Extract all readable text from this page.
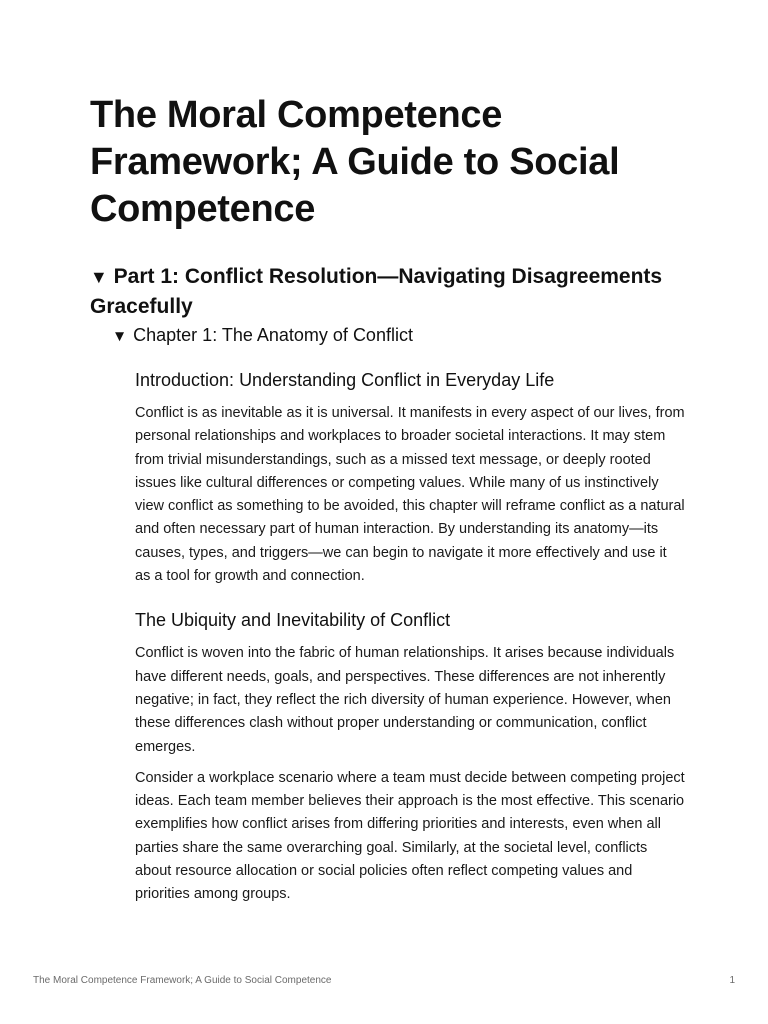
The Moral Competence Framework; A Guide to Social Competence
▼ Part 1: Conflict Resolution—Navigating Disagreements Gracefully
▼ Chapter 1: The Anatomy of Conflict
Introduction: Understanding Conflict in Everyday Life

Conflict is as inevitable as it is universal. It manifests in every aspect of our lives, from personal relationships and workplaces to broader societal interactions. It may stem from trivial misunderstandings, such as a missed text message, or deeply rooted issues like cultural differences or competing values. While many of us instinctively view conflict as something to be avoided, this chapter will reframe conflict as a natural and often necessary part of human interaction. By understanding its anatomy—its causes, types, and triggers—we can begin to navigate it more effectively and use it as a tool for growth and connection.

The Ubiquity and Inevitability of Conflict

Conflict is woven into the fabric of human relationships. It arises because individuals have different needs, goals, and perspectives. These differences are not inherently negative; in fact, they reflect the rich diversity of human experience. However, when these differences clash without proper understanding or communication, conflict emerges.

Consider a workplace scenario where a team must decide between competing project ideas. Each team member believes their approach is the most effective. This scenario exemplifies how conflict arises from differing priorities and interests, even when all parties share the same overarching goal. Similarly, at the societal level, conflicts about resource allocation or social policies often reflect competing values and priorities among groups.

The Moral Competence Framework; A Guide to Social Competence	1
